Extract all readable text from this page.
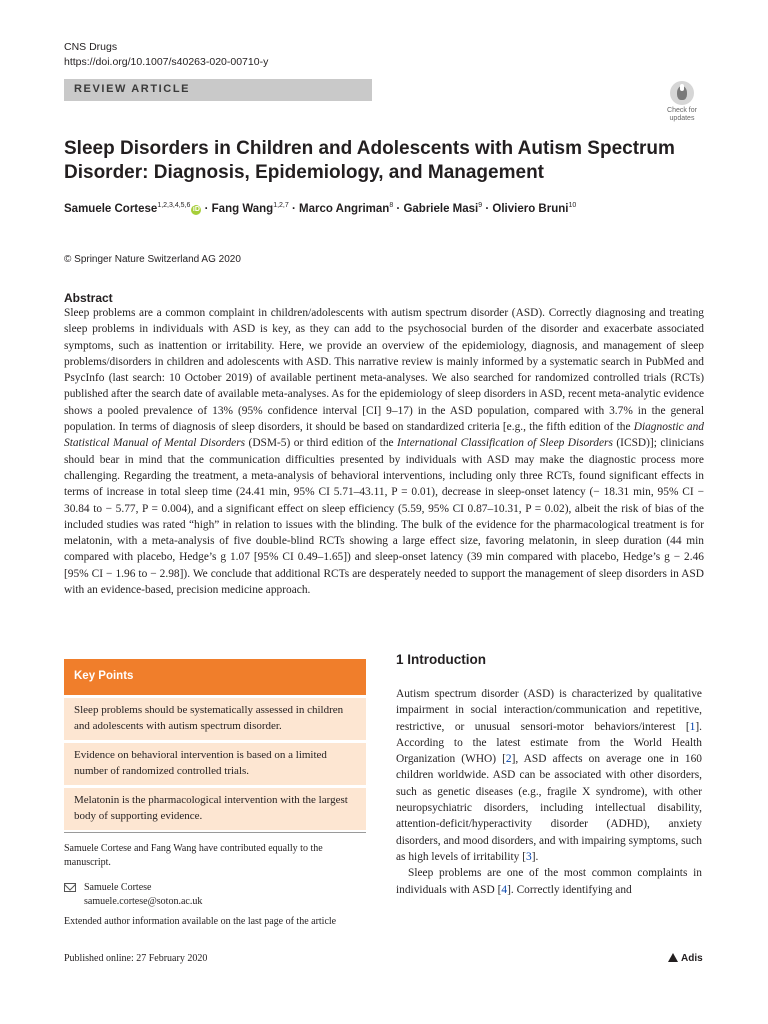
CNS Drugs
https://doi.org/10.1007/s40263-020-00710-y
REVIEW ARTICLE
Check for
updates
Sleep Disorders in Children and Adolescents with Autism Spectrum Disorder: Diagnosis, Epidemiology, and Management
Samuele Cortese$^{1,2,3,4,5,6}$iD · Fang Wang$^{1,2,7}$ · Marco Angriman$^8$ · Gabriele Masi$^9$ · Oliviero Bruni$^{10}$
© Springer Nature Switzerland AG 2020
Abstract
Sleep problems are a common complaint in children/adolescents with autism spectrum disorder (ASD). Correctly diagnosing and treating sleep problems in individuals with ASD is key, as they can add to the psychosocial burden of the disorder and exacerbate associated symptoms, such as inattention or irritability. Here, we provide an overview of the epidemiology, diagnosis, and management of sleep problems/disorders in children and adolescents with ASD. This narrative review is mainly informed by a systematic search in PubMed and PsycInfo (last search: 10 October 2019) of available pertinent meta-analyses. We also searched for randomized controlled trials (RCTs) published after the search date of available meta-analyses. As for the epidemiology of sleep disorders in ASD, recent meta-analytic evidence shows a pooled prevalence of 13% (95% confidence interval [CI] 9–17) in the ASD population, compared with 3.7% in the general population. In terms of diagnosis of sleep disorders, it should be based on standardized criteria [e.g., the fifth edition of the Diagnostic and Statistical Manual of Mental Disorders (DSM-5) or third edition of the International Classification of Sleep Disorders (ICSD)]; clinicians should bear in mind that the communication difficulties presented by individuals with ASD may make the diagnostic process more challenging. Regarding the treatment, a meta-analysis of behavioral interventions, including only three RCTs, found significant effects in terms of increase in total sleep time (24.41 min, 95% CI 5.71–43.11, P = 0.01), decrease in sleep-onset latency (− 18.31 min, 95% CI − 30.84 to − 5.77, P = 0.004), and a significant effect on sleep efficiency (5.59, 95% CI 0.87–10.31, P = 0.02), albeit the risk of bias of the included studies was rated “high” in relation to issues with the blinding. The bulk of the evidence for the pharmacological treatment is for melatonin, with a meta-analysis of five double-blind RCTs showing a large effect size, favoring melatonin, in sleep duration (44 min compared with placebo, Hedge’s g 1.07 [95% CI 0.49–1.65]) and sleep-onset latency (39 min compared with placebo, Hedge’s g − 2.46 [95% CI − 1.96 to − 2.98]). We conclude that additional RCTs are desperately needed to support the management of sleep disorders in ASD with an evidence-based, precision medicine approach.
Key Points
Sleep problems should be systematically assessed in children and adolescents with autism spectrum disorder.
Evidence on behavioral intervention is based on a limited number of randomized controlled trials.
Melatonin is the pharmacological intervention with the largest body of supporting evidence.
Samuele Cortese and Fang Wang have contributed equally to the manuscript.
Samuele Cortese
samuele.cortese@soton.ac.uk
Extended author information available on the last page of the article
1 Introduction

Autism spectrum disorder (ASD) is characterized by qualitative impairment in social interaction/communication and repetitive, restrictive, or unusual sensori-motor behaviors/interest [1]. According to the latest estimate from the World Health Organization (WHO) [2], ASD affects on average one in 160 children worldwide. ASD can be associated with other disorders, such as genetic diseases (e.g., fragile X syndrome), with other neuropsychiatric disorders, including intellectual disability, attention-deficit/hyperactivity disorder (ADHD), anxiety disorders, and mood disorders, and with impairing symptoms, such as high levels of irritability [3].

Sleep problems are one of the most common complaints in individuals with ASD [4]. Correctly identifying and

Published online: 27 February 2020	Adis
